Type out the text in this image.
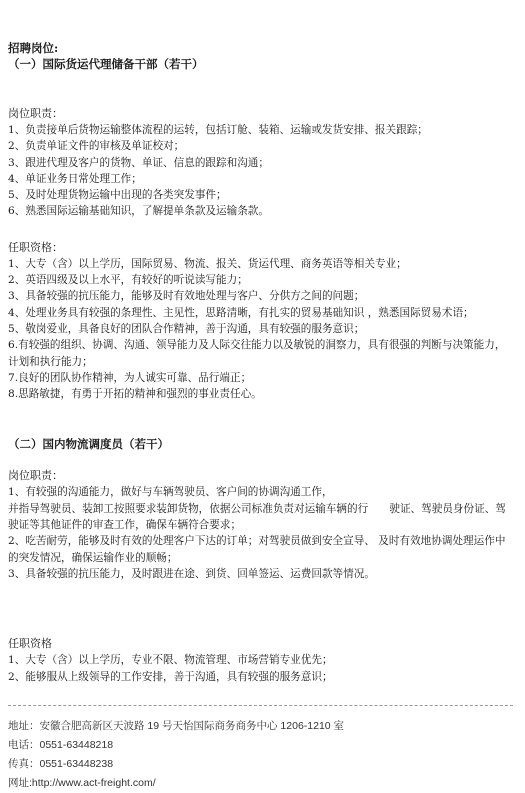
招聘岗位:

（一）国际货运代理储备干部（若干）

岗位职责：

1、负责接单后货物运输整体流程的运转，包括订舱、装箱、运输或发货安排、报关跟踪；

2、负责单证文件的审核及单证校对；

3、跟进代理及客户的货物、单证、信息的跟踪和沟通；

4、单证业务日常处理工作；

5、及时处理货物运输中出现的各类突发事件；

6、熟悉国际运输基础知识，了解提单条款及运输条款。

任职资格：

1、大专（含）以上学历，国际贸易、物流、报关、货运代理、商务英语等相关专业；

2、英语四级及以上水平，有较好的听说读写能力；

3、具备较强的抗压能力，能够及时有效地处理与客户、分供方之间的问题；

4、处理业务具有较强的条理性、主见性，思路清晰，有扎实的贸易基础知识 ，熟悉国际贸易术语；

5、敬岗爱业，具备良好的团队合作精神，善于沟通，具有较强的服务意识；

6.有较强的组织、协调、沟通、领导能力及人际交往能力以及敏锐的洞察力，具有很强的判断与决策能力，计划和执行能力；

7.良好的团队协作精神，为人诚实可靠、品行端正；

8.思路敏捷，有勇于开拓的精神和强烈的事业责任心。

（二）国内物流调度员（若干）

岗位职责：

1、有较强的沟通能力，做好与车辆驾驶员、客户间的协调沟通工作，

并指导驾驶员、装卸工按照要求装卸货物，依据公司标准负责对运输车辆的行　　驶证、驾驶员身份证、驾驶证等其他证件的审查工作，确保车辆符合要求；

2、吃苦耐劳，能够及时有效的处理客户下达的订单；对驾驶员做到安全宣导、 及时有效地协调处理运作中的突发情况，确保运输作业的顺畅；

3、具备较强的抗压能力，及时跟进在途、到货、回单签运、运费回款等情况。

任职资格

1、大专（含）以上学历，专业不限、物流管理、市场营销专业优先；

2、能够服从上级领导的工作安排，善于沟通，具有较强的服务意识；

地址：安徽合肥高新区天波路 19 号天怡国际商务商务中心 1206-1210 室

电话：0551-63448218

传真：0551-63448238

网址:http://www.act-freight.com/
